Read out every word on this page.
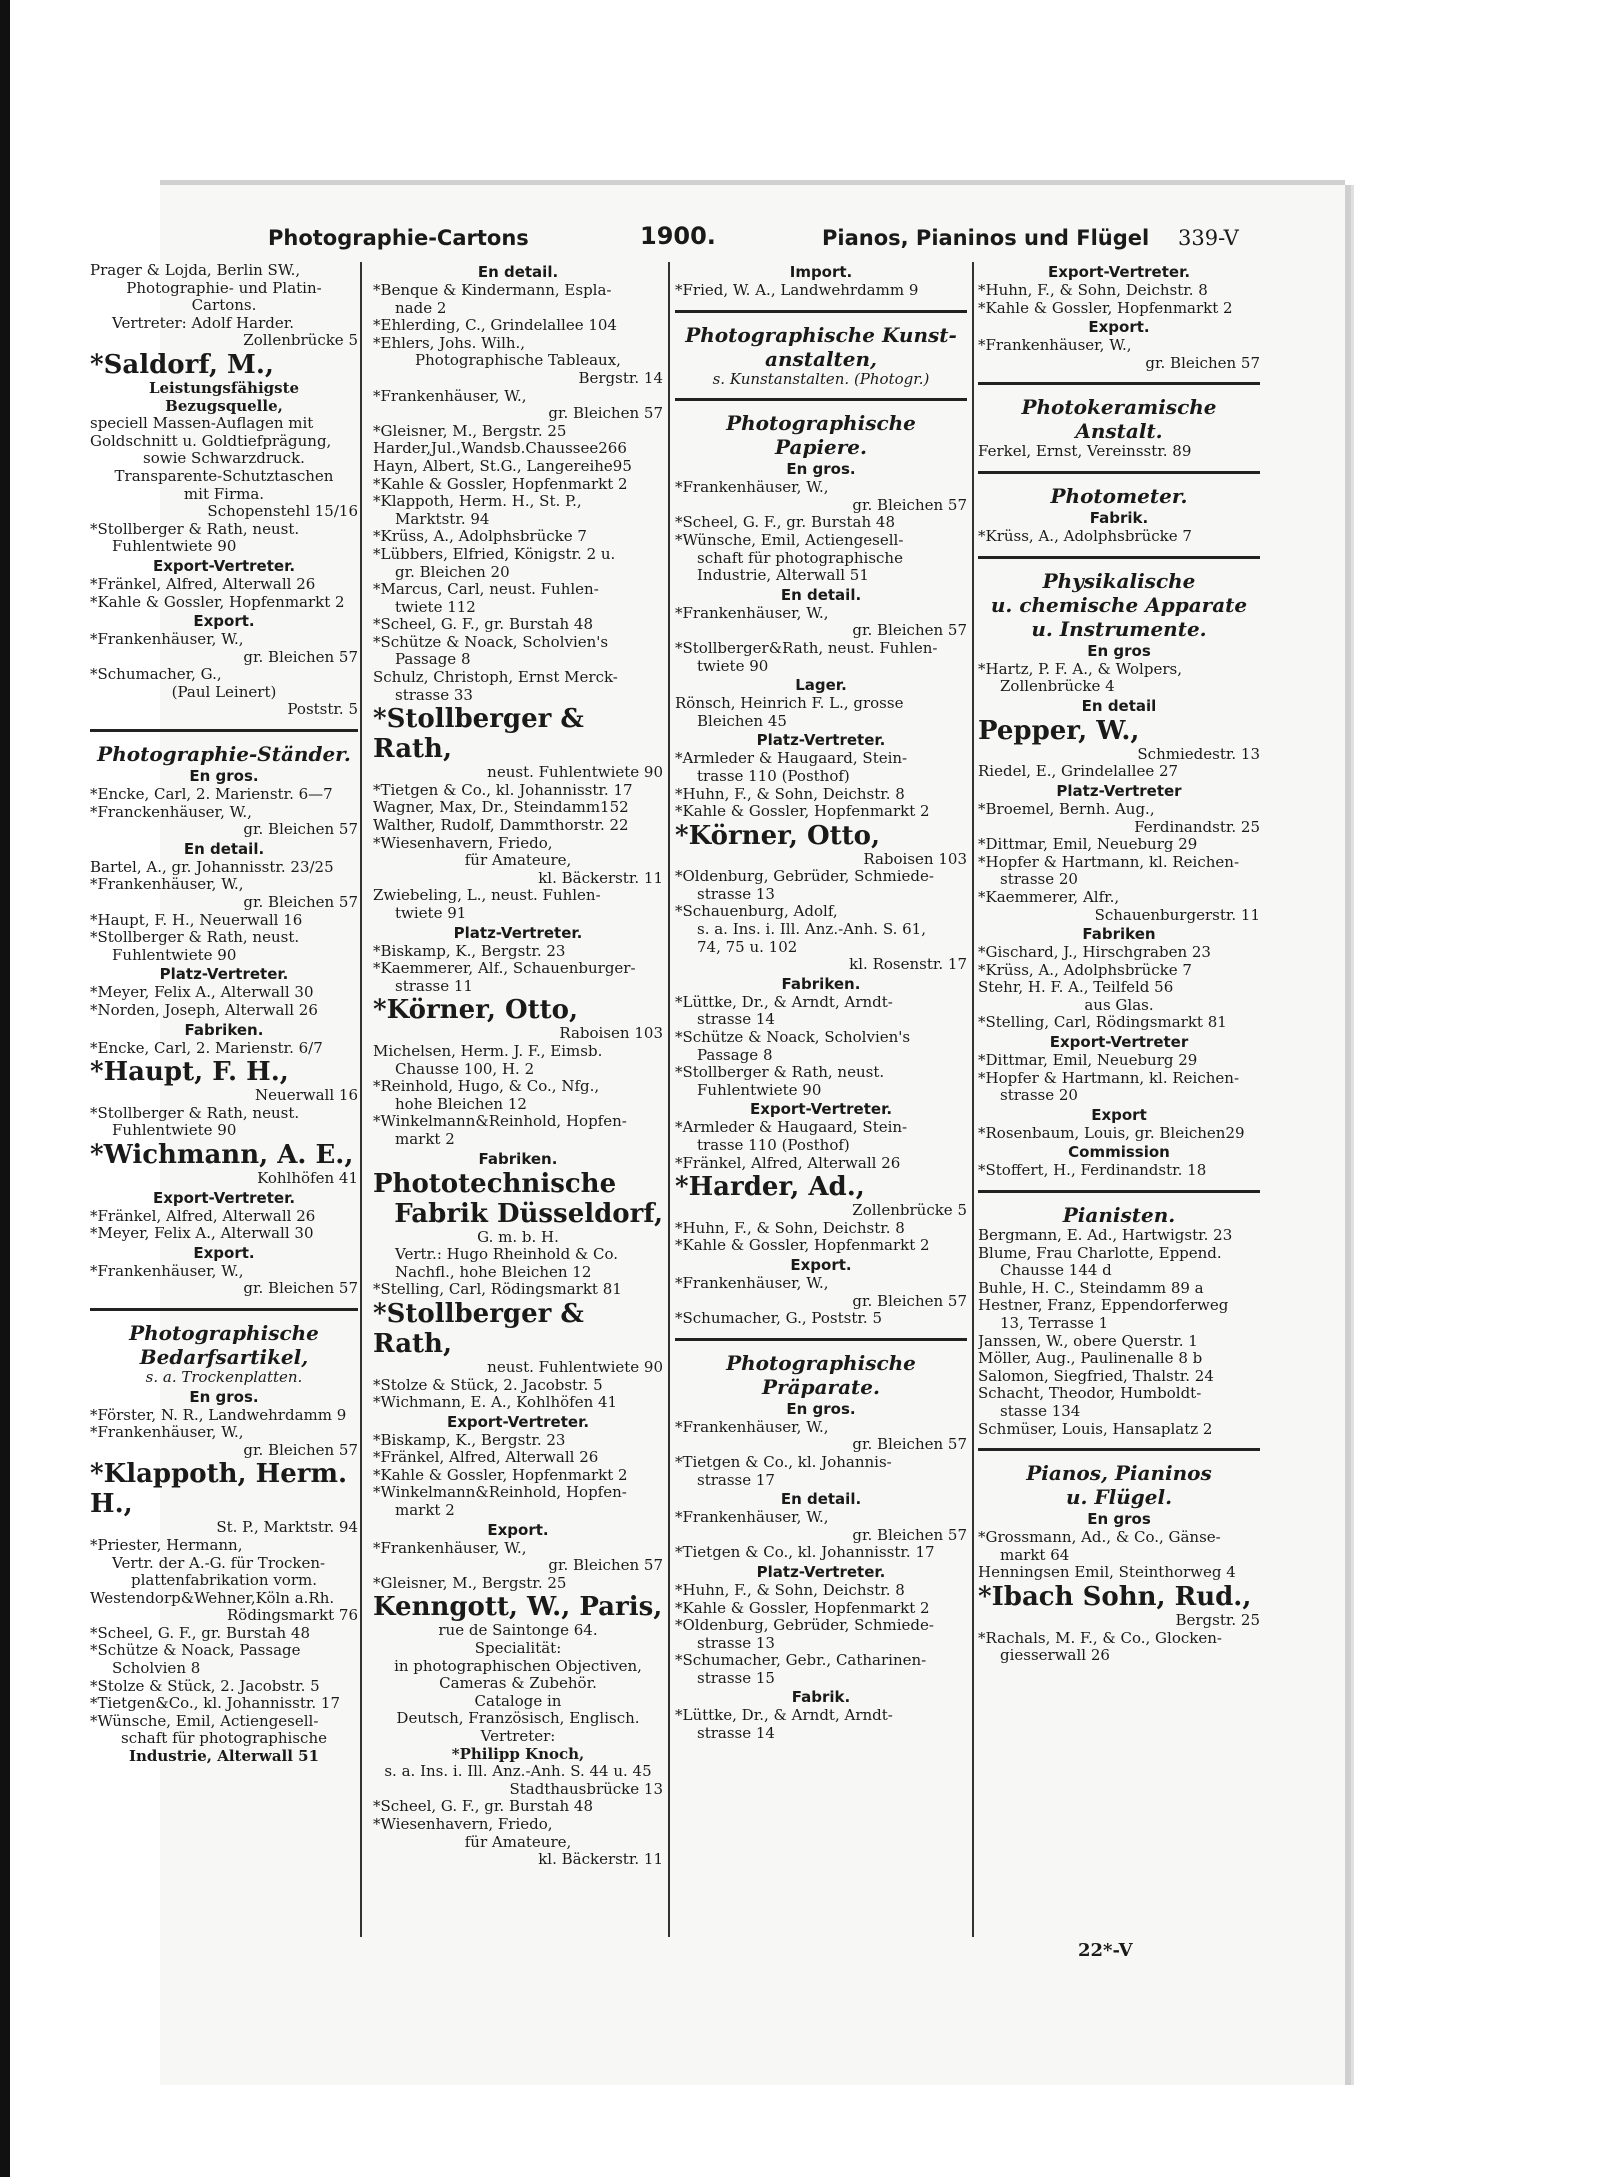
Photographie-Cartons	1900.	Pianos, Pianinos und Flügel 339-V
Prager & Lojda, Berlin SW.,
Photographie- und Platin-
Cartons.
Vertreter: Adolf Harder.
Zollenbrücke 5
*Saldorf, M.,
Leistungsfähigste
Bezugsquelle,
speciell Massen-Auflagen mit
Goldschnitt u. Goldtiefprägung,
sowie Schwarzdruck.
Transparente-Schutztaschen
mit Firma.
Schopenstehl 15/16
*Stollberger & Rath, neust.
Fuhlentwiete 90
Export-Vertreter.
*Fränkel, Alfred, Alterwall 26
*Kahle & Gossler, Hopfenmarkt 2
Export.
*Frankenhäuser, W.,
gr. Bleichen 57
*Schumacher, G.,
(Paul Leinert)
Poststr. 5
Photographie-Ständer.
En gros.
*Encke, Carl, 2. Marienstr. 6—7
*Franckenhäuser, W.,
gr. Bleichen 57
En detail.
Bartel, A., gr. Johannisstr. 23/25
*Frankenhäuser, W.,
gr. Bleichen 57
*Haupt, F. H., Neuerwall 16
*Stollberger & Rath, neust.
Fuhlentwiete 90
Platz-Vertreter.
*Meyer, Felix A., Alterwall 30
*Norden, Joseph, Alterwall 26
Fabriken.
*Encke, Carl, 2. Marienstr. 6/7
*Haupt, F. H.,
Neuerwall 16
*Stollberger & Rath, neust.
Fuhlentwiete 90
*Wichmann, A. E.,
Kohlhöfen 41
Export-Vertreter.
*Fränkel, Alfred, Alterwall 26
*Meyer, Felix A., Alterwall 30
Export.
*Frankenhäuser, W.,
gr. Bleichen 57
Photographische
Bedarfsartikel,
s. a. Trockenplatten.
En gros.
*Förster, N. R., Landwehrdamm 9
*Frankenhäuser, W.,
gr. Bleichen 57
*Klappoth, Herm. H.,
St. P., Marktstr. 94
*Priester, Hermann,
Vertr. der A.-G. für Trocken-
plattenfabrikation vorm.
Westendorp&Wehner,Köln a.Rh.
Rödingsmarkt 76
*Scheel, G. F., gr. Burstah 48
*Schütze & Noack, Passage
Scholvien 8
*Stolze & Stück, 2. Jacobstr. 5
*Tietgen&Co., kl. Johannisstr. 17
*Wünsche, Emil, Actiengesell-
schaft für photographische
Industrie, Alterwall 51
En detail.
*Benque & Kindermann, Espla-
nade 2
*Ehlerding, C., Grindelallee 104
*Ehlers, Johs. Wilh.,
Photographische Tableaux,
Bergstr. 14
*Frankenhäuser, W.,
gr. Bleichen 57
*Gleisner, M., Bergstr. 25
Harder,Jul.,Wandsb.Chaussee266
Hayn, Albert, St.G., Langereihe95
*Kahle & Gossler, Hopfenmarkt 2
*Klappoth, Herm. H., St. P.,
Marktstr. 94
*Krüss, A., Adolphsbrücke 7
*Lübbers, Elfried, Königstr. 2 u.
gr. Bleichen 20
*Marcus, Carl, neust. Fuhlen-
twiete 112
*Scheel, G. F., gr. Burstah 48
*Schütze & Noack, Scholvien's
Passage 8
Schulz, Christoph, Ernst Merck-
strasse 33
*Stollberger & Rath,
neust. Fuhlentwiete 90
*Tietgen & Co., kl. Johannisstr. 17
Wagner, Max, Dr., Steindamm152
Walther, Rudolf, Dammthorstr. 22
*Wiesenhavern, Friedo,
für Amateure,
kl. Bäckerstr. 11
Zwiebeling, L., neust. Fuhlen-
twiete 91
Platz-Vertreter.
*Biskamp, K., Bergstr. 23
*Kaemmerer, Alf., Schauenburger-
strasse 11
*Körner, Otto,
Raboisen 103
Michelsen, Herm. J. F., Eimsb.
Chausse 100, H. 2
*Reinhold, Hugo, & Co., Nfg.,
hohe Bleichen 12
*Winkelmann&Reinhold, Hopfen-
markt 2
Fabriken.
Phototechnische
Fabrik Düsseldorf,
G. m. b. H.
Vertr.: Hugo Rheinhold & Co.
Nachfl., hohe Bleichen 12
*Stelling, Carl, Rödingsmarkt 81
*Stollberger & Rath,
neust. Fuhlentwiete 90
*Stolze & Stück, 2. Jacobstr. 5
*Wichmann, E. A., Kohlhöfen 41
Export-Vertreter.
*Biskamp, K., Bergstr. 23
*Fränkel, Alfred, Alterwall 26
*Kahle & Gossler, Hopfenmarkt 2
*Winkelmann&Reinhold, Hopfen-
markt 2
Export.
*Frankenhäuser, W.,
gr. Bleichen 57
*Gleisner, M., Bergstr. 25
Kenngott, W., Paris,
rue de Saintonge 64.
Specialität:
in photographischen Objectiven,
Cameras & Zubehör.
Cataloge in
Deutsch, Französisch, Englisch.
Vertreter:
*Philipp Knoch,
s. a. Ins. i. Ill. Anz.-Anh. S. 44 u. 45
Stadthausbrücke 13
*Scheel, G. F., gr. Burstah 48
*Wiesenhavern, Friedo,
für Amateure,
kl. Bäckerstr. 11
Import.
*Fried, W. A., Landwehrdamm 9
Photographische Kunst-
anstalten,
s. Kunstanstalten. (Photogr.)
Photographische
Papiere.
En gros.
*Frankenhäuser, W.,
gr. Bleichen 57
*Scheel, G. F., gr. Burstah 48
*Wünsche, Emil, Actiengesell-
schaft für photographische
Industrie, Alterwall 51
En detail.
*Frankenhäuser, W.,
gr. Bleichen 57
*Stollberger&Rath, neust. Fuhlen-
twiete 90
Lager.
Rönsch, Heinrich F. L., grosse
Bleichen 45
Platz-Vertreter.
*Armleder & Haugaard, Stein-
trasse 110 (Posthof)
*Huhn, F., & Sohn, Deichstr. 8
*Kahle & Gossler, Hopfenmarkt 2
*Körner, Otto,
Raboisen 103
*Oldenburg, Gebrüder, Schmiede-
strasse 13
*Schauenburg, Adolf,
s. a. Ins. i. Ill. Anz.-Anh. S. 61,
74, 75 u. 102
kl. Rosenstr. 17
Fabriken.
*Lüttke, Dr., & Arndt, Arndt-
strasse 14
*Schütze & Noack, Scholvien's
Passage 8
*Stollberger & Rath, neust.
Fuhlentwiete 90
Export-Vertreter.
*Armleder & Haugaard, Stein-
trasse 110 (Posthof)
*Fränkel, Alfred, Alterwall 26
*Harder, Ad.,
Zollenbrücke 5
*Huhn, F., & Sohn, Deichstr. 8
*Kahle & Gossler, Hopfenmarkt 2
Export.
*Frankenhäuser, W.,
gr. Bleichen 57
*Schumacher, G., Poststr. 5
Photographische
Präparate.
En gros.
*Frankenhäuser, W.,
gr. Bleichen 57
*Tietgen & Co., kl. Johannis-
strasse 17
En detail.
*Frankenhäuser, W.,
gr. Bleichen 57
*Tietgen & Co., kl. Johannisstr. 17
Platz-Vertreter.
*Huhn, F., & Sohn, Deichstr. 8
*Kahle & Gossler, Hopfenmarkt 2
*Oldenburg, Gebrüder, Schmiede-
strasse 13
*Schumacher, Gebr., Catharinen-
strasse 15
Fabrik.
*Lüttke, Dr., & Arndt, Arndt-
strasse 14
Export-Vertreter.
*Huhn, F., & Sohn, Deichstr. 8
*Kahle & Gossler, Hopfenmarkt 2
Export.
*Frankenhäuser, W.,
gr. Bleichen 57
Photokeramische
Anstalt.
Ferkel, Ernst, Vereinsstr. 89
Photometer.
Fabrik.
*Krüss, A., Adolphsbrücke 7
Physikalische
u. chemische Apparate
u. Instrumente.
En gros
*Hartz, P. F. A., & Wolpers,
Zollenbrücke 4
En detail
Pepper, W.,
Schmiedestr. 13
Riedel, E., Grindelallee 27
Platz-Vertreter
*Broemel, Bernh. Aug.,
Ferdinandstr. 25
*Dittmar, Emil, Neueburg 29
*Hopfer & Hartmann, kl. Reichen-
strasse 20
*Kaemmerer, Alfr.,
Schauenburgerstr. 11
Fabriken
*Gischard, J., Hirschgraben 23
*Krüss, A., Adolphsbrücke 7
Stehr, H. F. A., Teilfeld 56
aus Glas.
*Stelling, Carl, Rödingsmarkt 81
Export-Vertreter
*Dittmar, Emil, Neueburg 29
*Hopfer & Hartmann, kl. Reichen-
strasse 20
Export
*Rosenbaum, Louis, gr. Bleichen29
Commission
*Stoffert, H., Ferdinandstr. 18
Pianisten.
Bergmann, E. Ad., Hartwigstr. 23
Blume, Frau Charlotte, Eppend.
Chausse 144 d
Buhle, H. C., Steindamm 89 a
Hestner, Franz, Eppendorferweg
13, Terrasse 1
Janssen, W., obere Querstr. 1
Möller, Aug., Paulinenalle 8 b
Salomon, Siegfried, Thalstr. 24
Schacht, Theodor, Humboldt-
stasse 134
Schmüser, Louis, Hansaplatz 2
Pianos, Pianinos
u. Flügel.
En gros
*Grossmann, Ad., & Co., Gänse-
markt 64
Henningsen Emil, Steinthorweg 4
*Ibach Sohn, Rud.,
Bergstr. 25
*Rachals, M. F., & Co., Glocken-
giesserwall 26
22*-V
